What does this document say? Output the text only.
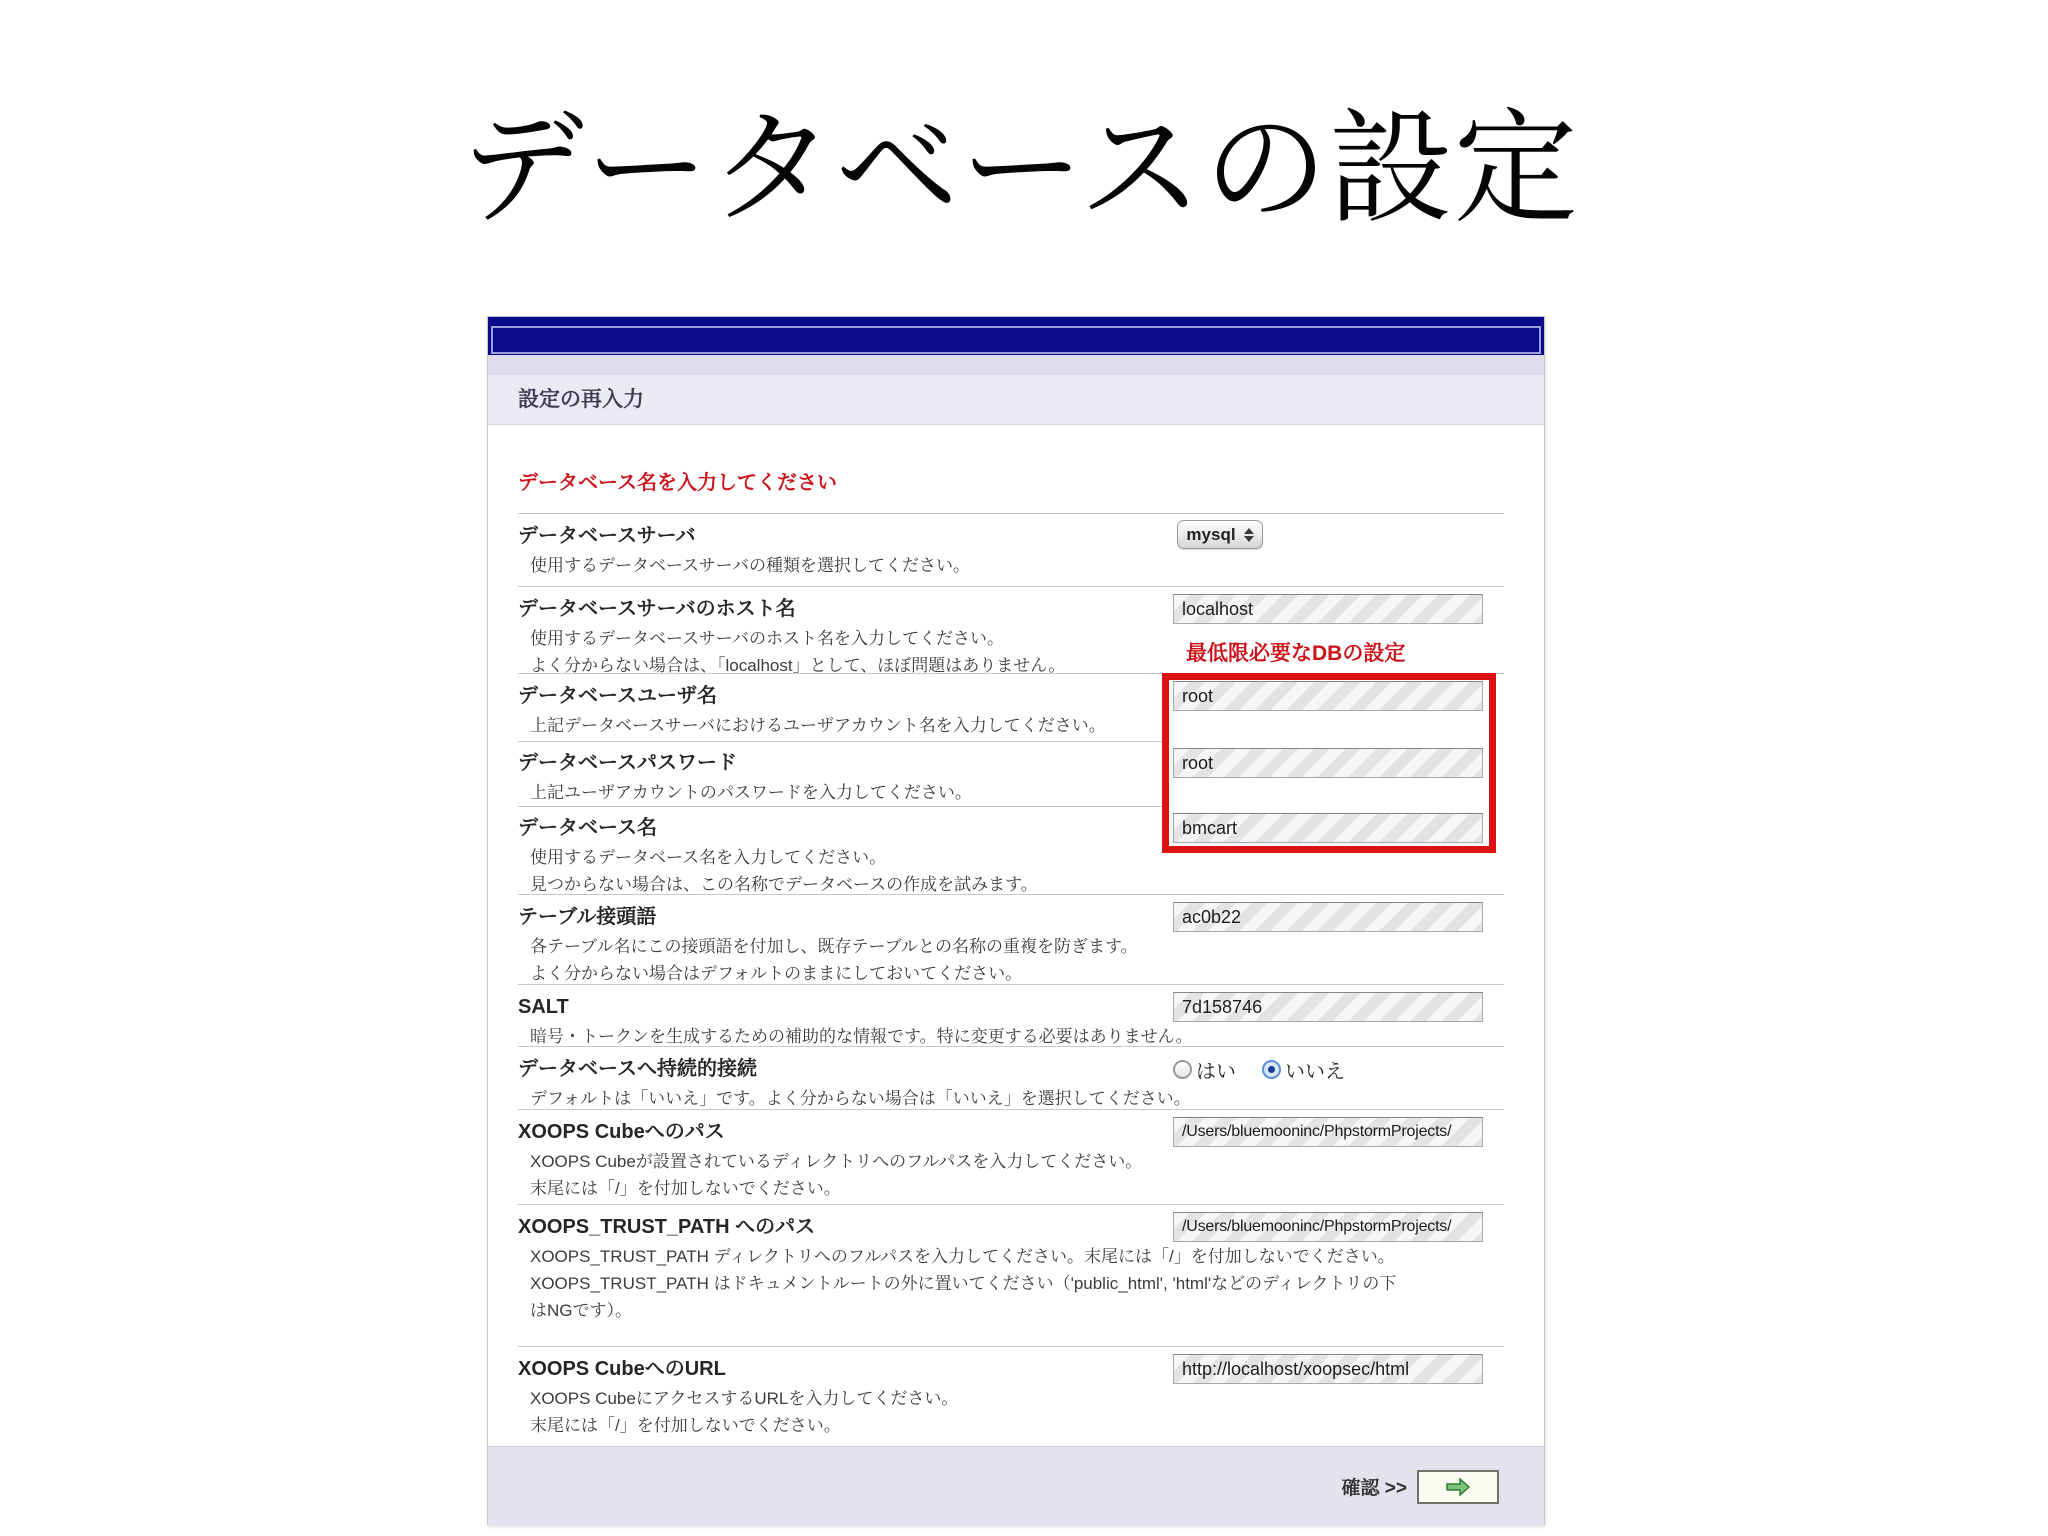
データベースの設定
設定の再入力
データベース名を入力してください
データベースサーバ
使用するデータベースサーバの種類を選択してください。
mysql
データベースサーバのホスト名
使用するデータベースサーバのホスト名を入力してください。
よく分からない場合は、「localhost」として、ほぼ問題はありません。
localhost
最低限必要なDBの設定
データベースユーザ名
上記データベースサーバにおけるユーザアカウント名を入力してください。
root
データベースパスワード
上記ユーザアカウントのパスワードを入力してください。
root
データベース名
使用するデータベース名を入力してください。
見つからない場合は、この名称でデータベースの作成を試みます。
bmcart
テーブル接頭語
各テーブル名にこの接頭語を付加し、既存テーブルとの名称の重複を防ぎます。
よく分からない場合はデフォルトのままにしておいてください。
ac0b22
SALT
暗号・トークンを生成するための補助的な情報です。特に変更する必要はありません。
7d158746
データベースへ持続的接続
デフォルトは「いいえ」です。よく分からない場合は「いいえ」を選択してください。
はい いいえ
XOOPS Cubeへのパス
XOOPS Cubeが設置されているディレクトリへのフルパスを入力してください。
末尾には「/」を付加しないでください。
/Users/bluemooninc/PhpstormProjects/
XOOPS_TRUST_PATH へのパス
XOOPS_TRUST_PATH ディレクトリへのフルパスを入力してください。末尾には「/」を付加しないでください。
XOOPS_TRUST_PATH はドキュメントルートの外に置いてください（'public_html', 'html'などのディレクトリの下はNGです）。
/Users/bluemooninc/PhpstormProjects/
XOOPS CubeへのURL
XOOPS CubeにアクセスするURLを入力してください。
末尾には「/」を付加しないでください。
http://localhost/xoopsec/html
確認 >>
